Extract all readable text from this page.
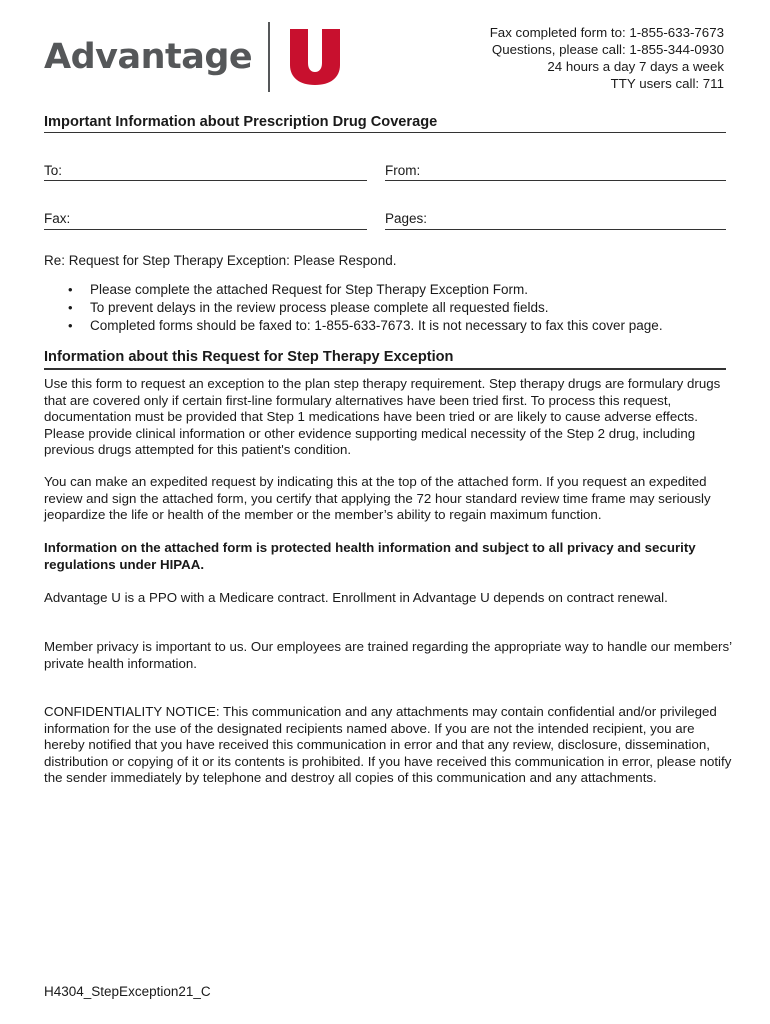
Advantage
Fax completed form to: 1-855-633-7673
Questions, please call: 1-855-344-0930
24 hours a day 7 days a week
TTY users call: 711
Important Information about Prescription Drug Coverage
To:	From:
Fax:	Pages:
Re: Request for Step Therapy Exception: Please Respond.
• Please complete the attached Request for Step Therapy Exception Form.
• To prevent delays in the review process please complete all requested fields.
• Completed forms should be faxed to: 1-855-633-7673. It is not necessary to fax this cover page.
Information about this Request for Step Therapy Exception
Use this form to request an exception to the plan step therapy requirement. Step therapy drugs are formulary drugs that are covered only if certain first-line formulary alternatives have been tried first. To process this request, documentation must be provided that Step 1 medications have been tried or are likely to cause adverse effects. Please provide clinical information or other evidence supporting medical necessity of the Step 2 drug, including previous drugs attempted for this patient's condition.
You can make an expedited request by indicating this at the top of the attached form. If you request an expedited review and sign the attached form, you certify that applying the 72 hour standard review time frame may seriously jeopardize the life or health of the member or the member’s ability to regain maximum function.
Information on the attached form is protected health information and subject to all privacy and security regulations under HIPAA.
Advantage U is a PPO with a Medicare contract. Enrollment in Advantage U depends on contract renewal.
Member privacy is important to us. Our employees are trained regarding the appropriate way to handle our members’ private health information.
CONFIDENTIALITY NOTICE: This communication and any attachments may contain confidential and/or privileged information for the use of the designated recipients named above. If you are not the intended recipient, you are hereby notified that you have received this communication in error and that any review, disclosure, dissemination, distribution or copying of it or its contents is prohibited. If you have received this communication in error, please notify the sender immediately by telephone and destroy all copies of this communication and any attachments.
H4304_StepException21_C
